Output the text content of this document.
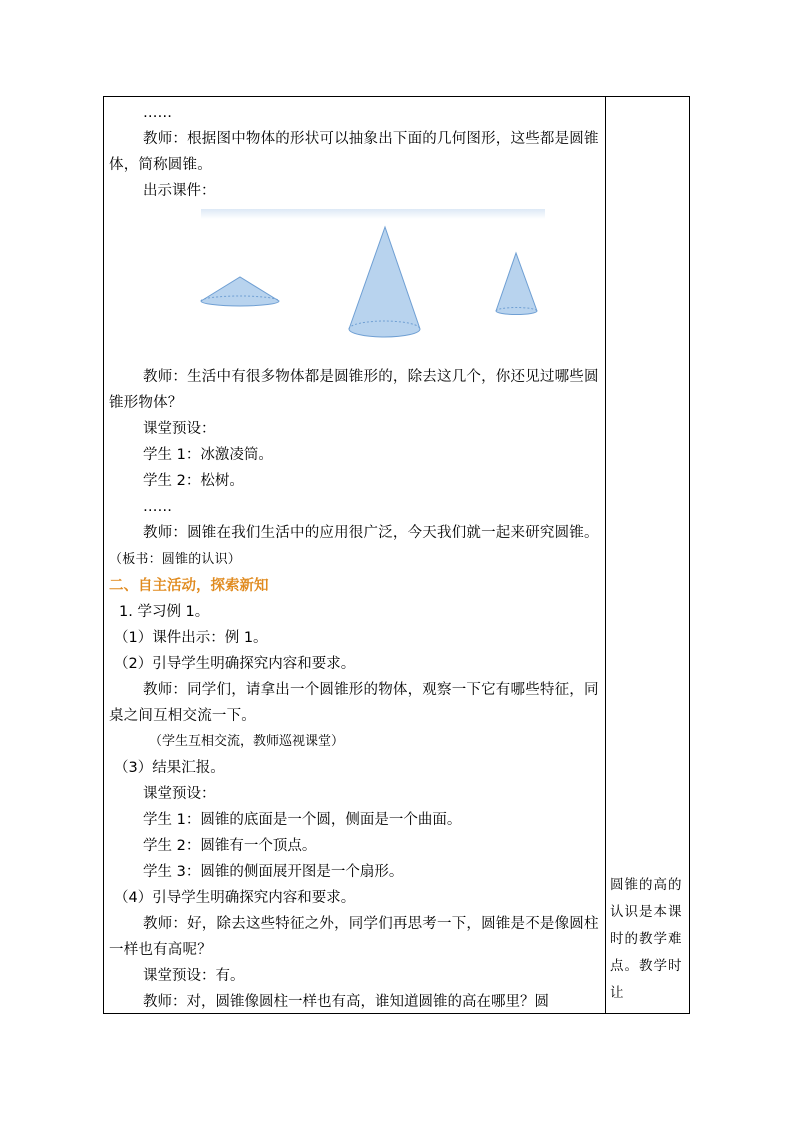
……

教师：根据图中物体的形状可以抽象出下面的几何图形，这些都是圆锥体，简称圆锥。

出示课件：

教师：生活中有很多物体都是圆锥形的，除去这几个，你还见过哪些圆锥形物体？

课堂预设：

学生 1：冰激凌筒。

学生 2：松树。

……

教师：圆锥在我们生活中的应用很广泛，今天我们就一起来研究圆锥。（板书：圆锥的认识）

二、自主活动，探索新知

1. 学习例 1。

（1）课件出示：例 1。

（2）引导学生明确探究内容和要求。

教师：同学们，请拿出一个圆锥形的物体，观察一下它有哪些特征，同桌之间互相交流一下。

（学生互相交流，教师巡视课堂）

（3）结果汇报。

课堂预设：

学生 1：圆锥的底面是一个圆，侧面是一个曲面。

学生 2：圆锥有一个顶点。

学生 3：圆锥的侧面展开图是一个扇形。

（4）引导学生明确探究内容和要求。

教师：好，除去这些特征之外，同学们再思考一下，圆锥是不是像圆柱一样也有高呢？

课堂预设：有。

教师：对，圆锥像圆柱一样也有高，谁知道圆锥的高在哪里？圆

圆锥的高的认识是本课时的教学难点。教学时让
